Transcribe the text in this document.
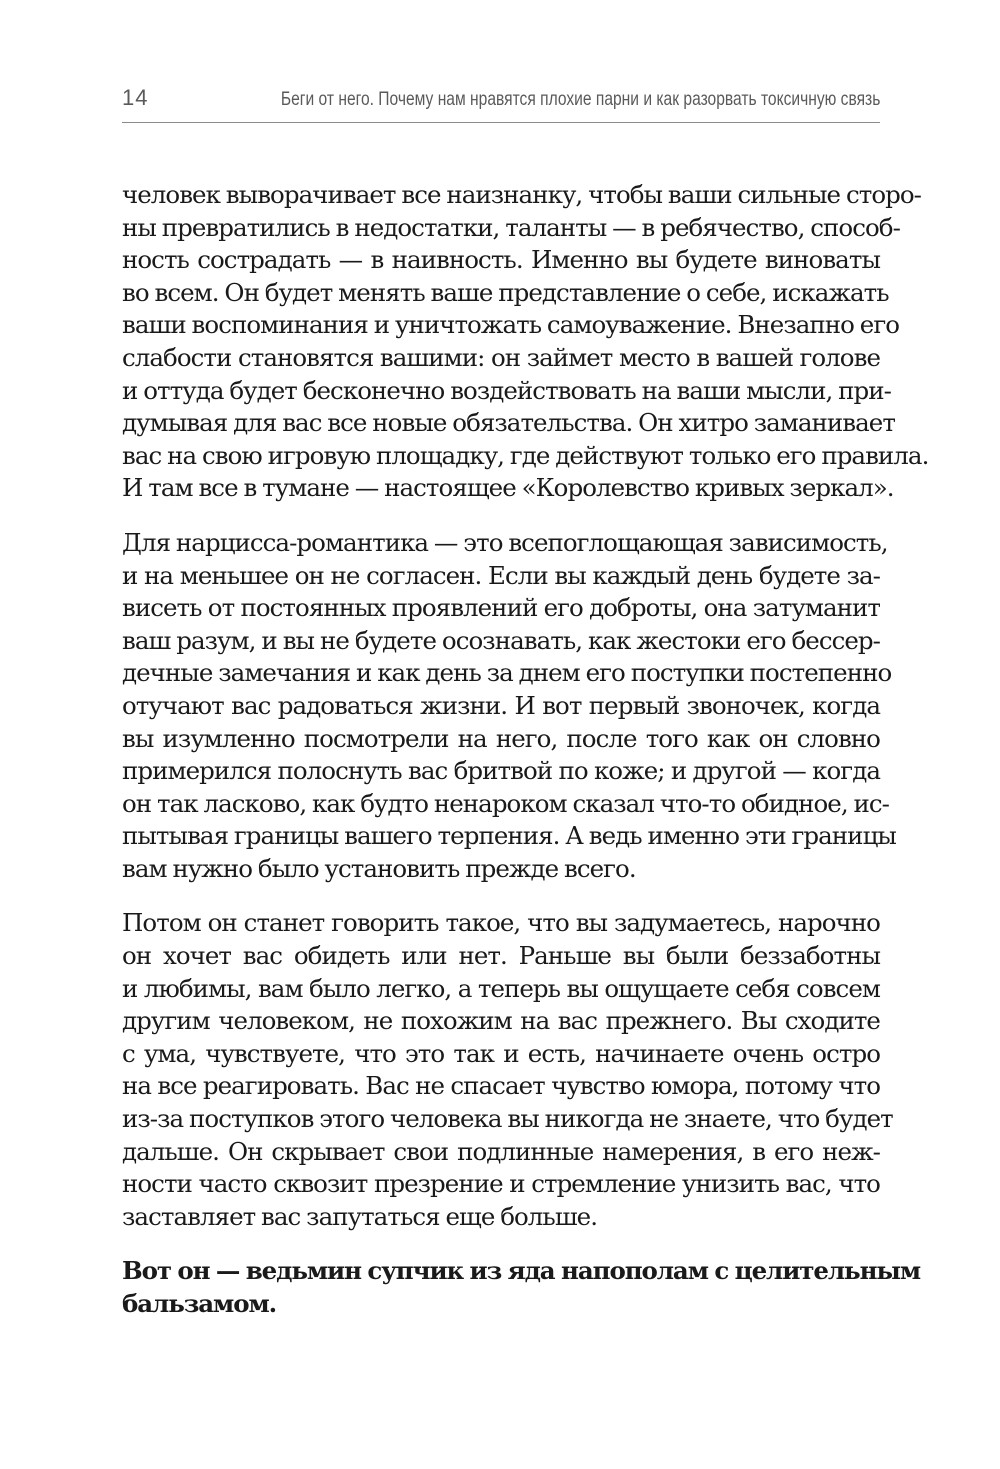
14	Беги от него. Почему нам нравятся плохие парни и как разорвать токсичную связь
человек выворачивает все наизнанку, чтобы ваши сильные сторо-
ны превратились в недостатки, таланты — в ребячество, способ-
ность сострадать — в наивность. Именно вы будете виноваты
во всем. Он будет менять ваше представление о себе, искажать
ваши воспоминания и уничтожать самоуважение. Внезапно его
слабости становятся вашими: он займет место в вашей голове
и оттуда будет бесконечно воздействовать на ваши мысли, при-
думывая для вас все новые обязательства. Он хитро заманивает
вас на свою игровую площадку, где действуют только его правила.
И там все в тумане — настоящее «Королевство кривых зеркал».
Для нарцисса-романтика — это всепоглощающая зависимость,
и на меньшее он не согласен. Если вы каждый день будете за-
висеть от постоянных проявлений его доброты, она затуманит
ваш разум, и вы не будете осознавать, как жестоки его бессер-
дечные замечания и как день за днем его поступки постепенно
отучают вас радоваться жизни. И вот первый звоночек, когда
вы изумленно посмотрели на него, после того как он словно
примерился полоснуть вас бритвой по коже; и другой — когда
он так ласково, как будто ненароком сказал что-то обидное, ис-
пытывая границы вашего терпения. А ведь именно эти границы
вам нужно было установить прежде всего.
Потом он станет говорить такое, что вы задумаетесь, нарочно
он хочет вас обидеть или нет. Раньше вы были беззаботны
и любимы, вам было легко, а теперь вы ощущаете себя совсем
другим человеком, не похожим на вас прежнего. Вы сходите
с ума, чувствуете, что это так и есть, начинаете очень остро
на все реагировать. Вас не спасает чувство юмора, потому что
из-за поступков этого человека вы никогда не знаете, что будет
дальше. Он скрывает свои подлинные намерения, в его неж-
ности часто сквозит презрение и стремление унизить вас, что
заставляет вас запутаться еще больше.
Вот он — ведьмин супчик из яда напополам с целительным
бальзамом.
